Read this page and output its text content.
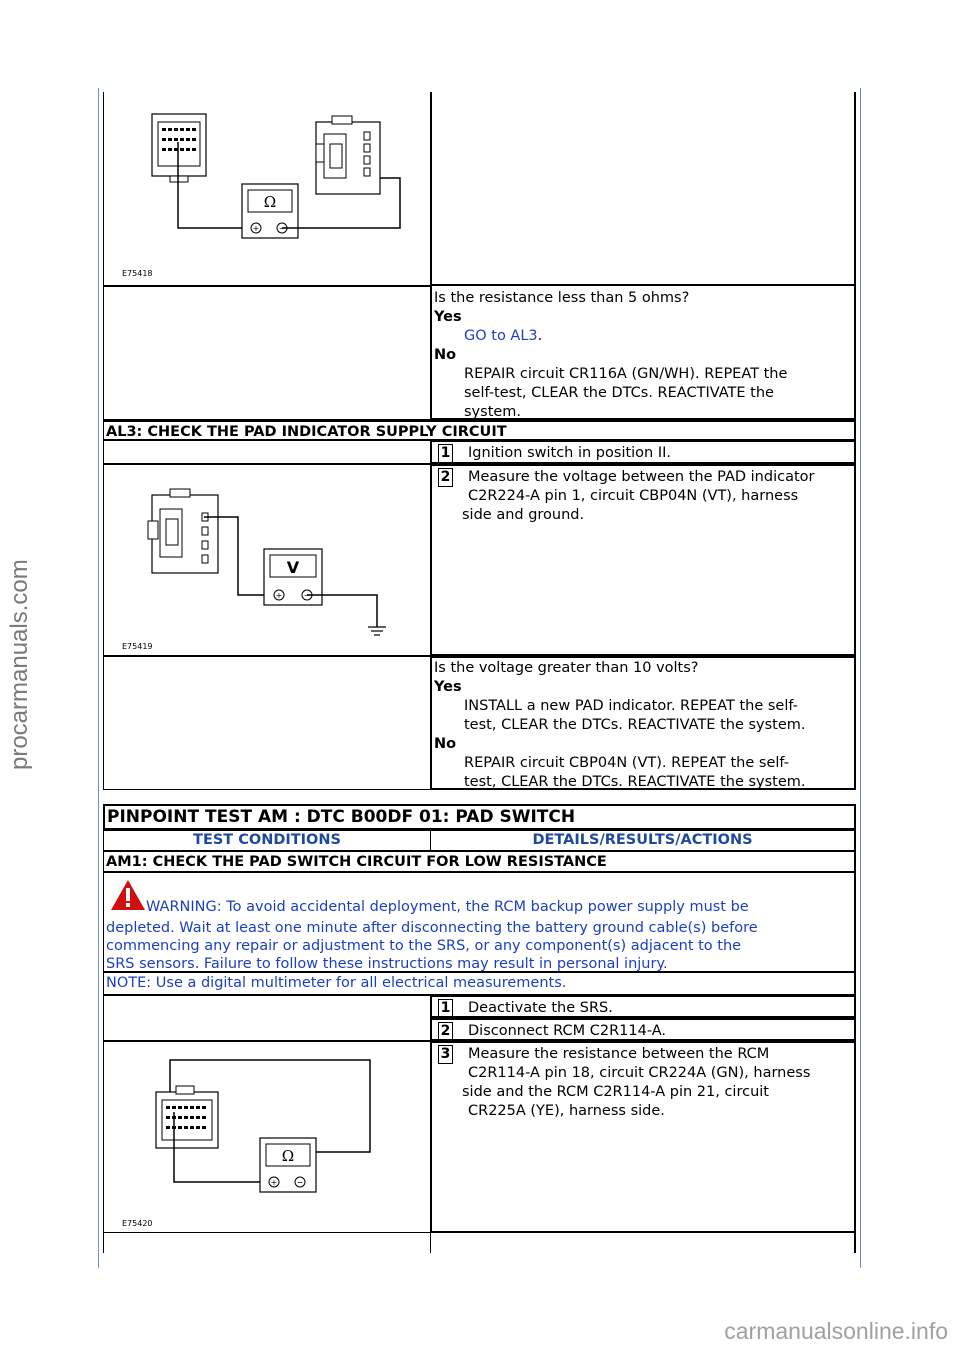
procarmanuals.com
Ω
+ −
E75418
Is the resistance less than 5 ohms?
Yes
GO to AL3.
No
REPAIR circuit CR116A (GN/WH). REPEAT the
self-test, CLEAR the DTCs. REACTIVATE the
system.
AL3: CHECK THE PAD INDICATOR SUPPLY CIRCUIT
1 Ignition switch in position II.
V
+	−
E75419
2 Measure the voltage between the PAD indicator
C2R224-A pin 1, circuit CBP04N (VT), harness
side and ground.
Is the voltage greater than 10 volts?
Yes
INSTALL a new PAD indicator. REPEAT the self-
test, CLEAR the DTCs. REACTIVATE the system.
No
REPAIR circuit CBP04N (VT). REPEAT the self-
test, CLEAR the DTCs. REACTIVATE the system.
PINPOINT TEST AM : DTC B00DF 01: PAD SWITCH
TEST CONDITIONS	DETAILS/RESULTS/ACTIONS
AM1: CHECK THE PAD SWITCH CIRCUIT FOR LOW RESISTANCE
WARNING: To avoid accidental deployment, the RCM backup power supply must be
depleted. Wait at least one minute after disconnecting the battery ground cable(s) before
commencing any repair or adjustment to the SRS, or any component(s) adjacent to the
SRS sensors. Failure to follow these instructions may result in personal injury.
NOTE: Use a digital multimeter for all electrical measurements.
1 Deactivate the SRS.
2 Disconnect RCM C2R114-A.
Ω
+ −
E75420
3 Measure the resistance between the RCM
C2R114-A pin 18, circuit CR224A (GN), harness
side and the RCM C2R114-A pin 21, circuit
CR225A (YE), harness side.
carmanualsonline.info
